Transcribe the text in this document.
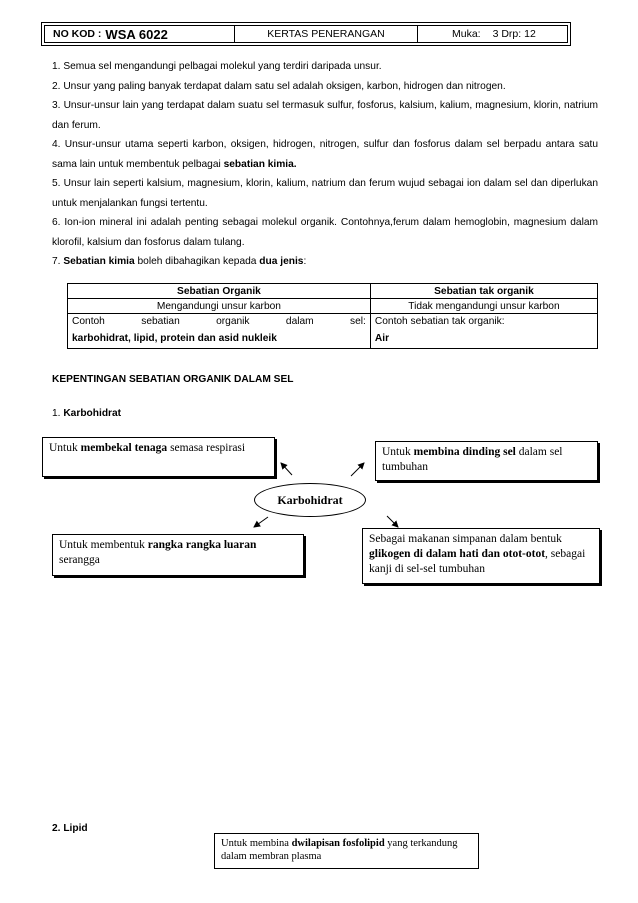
NO KOD : WSA 6022	KERTAS PENERANGAN	Muka: 3 Drp: 12

1. Semua sel mengandungi pelbagai molekul yang terdiri daripada unsur.

2. Unsur yang paling banyak terdapat dalam satu sel adalah oksigen, karbon, hidrogen dan nitrogen.

3. Unsur-unsur lain yang terdapat dalam suatu sel termasuk sulfur, fosforus, kalsium, kalium, magnesium, klorin, natrium dan ferum.

4. Unsur-unsur utama seperti karbon, oksigen, hidrogen, nitrogen, sulfur dan fosforus dalam sel berpadu antara satu sama lain untuk membentuk pelbagai sebatian kimia.

5. Unsur lain seperti kalsium, magnesium, klorin, kalium, natrium dan ferum wujud sebagai ion dalam sel dan diperlukan untuk menjalankan fungsi tertentu.

6. Ion-ion mineral ini adalah penting sebagai molekul organik. Contohnya,ferum dalam hemoglobin, magnesium dalam klorofil, kalsium dan fosforus dalam tulang.

7. Sebatian kimia boleh dibahagikan kepada dua jenis:

Sebatian Organik	Sebatian tak organik
Mengandungi unsur karbon	Tidak mengandungi unsur karbon
Contoh sebatian organik dalam sel:	Contoh sebatian tak organik:
karbohidrat, lipid, protein dan asid nukleik	Air
KEPENTINGAN SEBATIAN ORGANIK DALAM SEL
1. Karbohidrat
Untuk membekal tenaga semasa respirasi	Untuk membina dinding sel dalam sel tumbuhan
Karbohidrat
Untuk membentuk rangka rangka luaran serangga
Sebagai makanan simpanan dalam bentuk glikogen di dalam hati dan otot-otot, sebagai kanji di sel-sel tumbuhan
2. Lipid
Untuk membina dwilapisan fosfolipid yang terkandung dalam membran plasma
